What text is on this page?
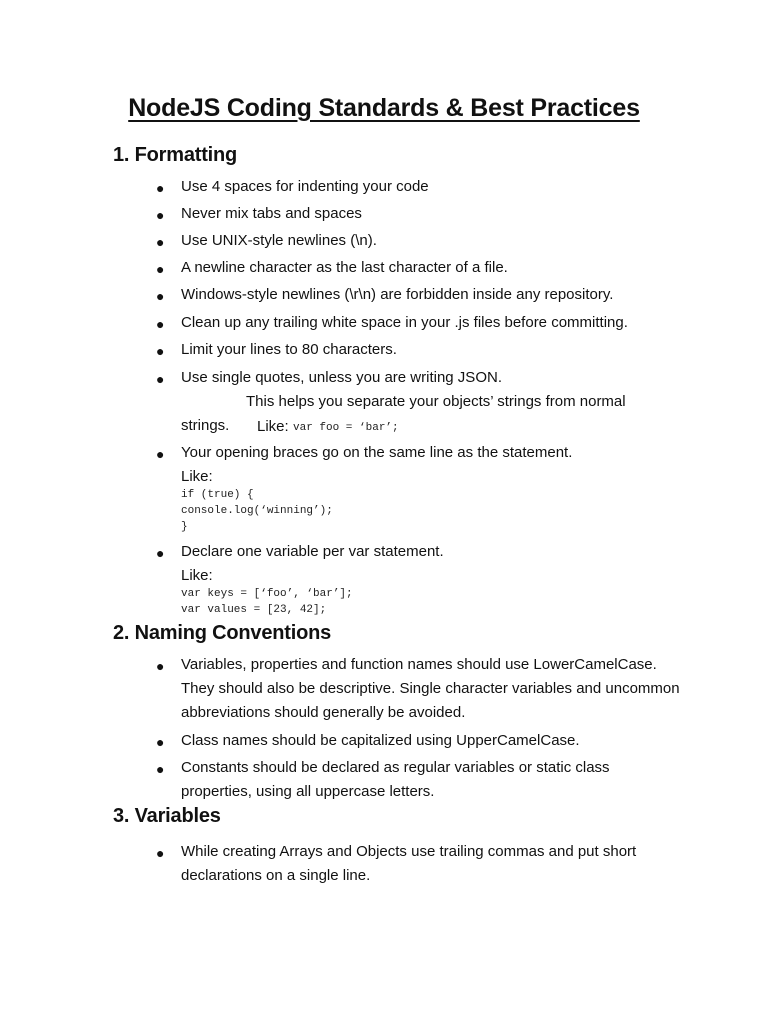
NodeJS Coding Standards & Best Practices
1. Formatting
● Use 4 spaces for indenting your code
● Never mix tabs and spaces
● Use UNIX-style newlines (\n).
● A newline character as the last character of a file.
● Windows-style newlines (\r\n) are forbidden inside any repository.
● Clean up any trailing white space in your .js files before committing.
● Limit your lines to 80 characters.
● Use single quotes, unless you are writing JSON.
This helps you separate your objects’ strings from normal
strings.	Like: var foo = ‘bar’;
● Your opening braces go on the same line as the statement.
Like:
if (true) {
console.log(‘winning’);
}
● Declare one variable per var statement.
Like:
var keys = [‘foo’, ‘bar’];
var values = [23, 42];
2. Naming Conventions
● Variables, properties and function names should use LowerCamelCase. They should also be descriptive. Single character variables and uncommon abbreviations should generally be avoided.
● Class names should be capitalized using UpperCamelCase.
● Constants should be declared as regular variables or static class properties, using all uppercase letters.
3. Variables
● While creating Arrays and Objects use trailing commas and put short declarations on a single line.
